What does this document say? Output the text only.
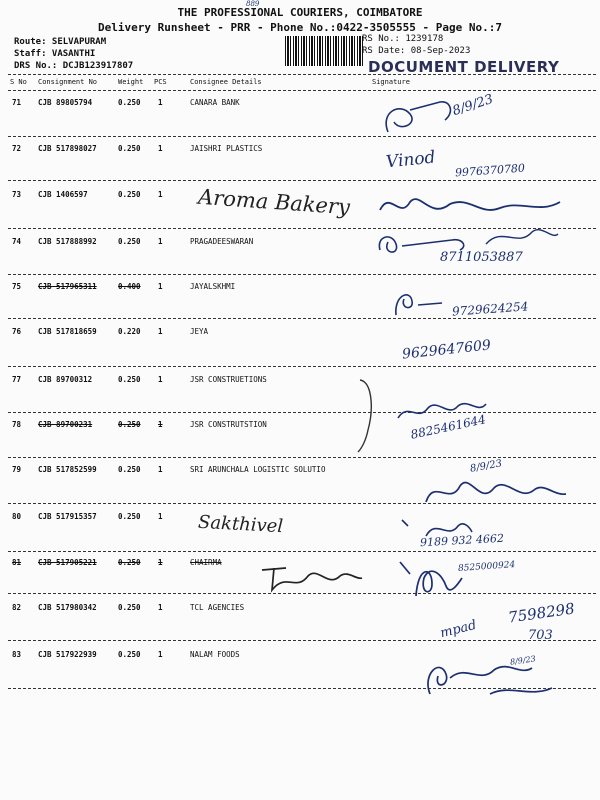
THE PROFESSIONAL COURIERS, COIMBATORE
Delivery Runsheet - PRR - Phone No.:0422-3505555 - Page No.:7
889
Route: SELVAPURAM
Staff: VASANTHI
DRS No.: DCJB123917807
RS No.: 1239178
RS Date: 08-Sep-2023
DOCUMENT DELIVERY
S No Consignment No	Weight PCS	Consignee Details	Signature
71 CJB 89805794	0.250 1	CANARA BANK
72 CJB 517898027	0.250 1	JAISHRI PLASTICS
73 CJB 1406597	0.250 1
74 CJB 517888992	0.250 1	PRAGADEESWARAN
75 CJB 517965311	0.400 1	JAYALSKHMI
76 CJB 517818659	0.220 1	JEYA
77 CJB 89700312	0.250 1	JSR CONSTRUETIONS
78 CJB 89700231	0.250 1	JSR CONSTRUTSTION
79 CJB 517852599	0.250 1	SRI ARUNCHALA LOGISTIC SOLUTIO
80 CJB 517915357	0.250 1
81 CJB 517905221	0.250 1	CHAIRMA
82 CJB 517980342	0.250 1	TCL AGENCIES
83 CJB 517922939	0.250 1	NALAM FOODS
8/9/23
Vinod 9976370780
Aroma Bakery
8711053887
9729624254
9629647609
8825461644
8/9/23
Sakthivel
9189 932 4662
8525000924
mpad
7598298
703
8/9/23
